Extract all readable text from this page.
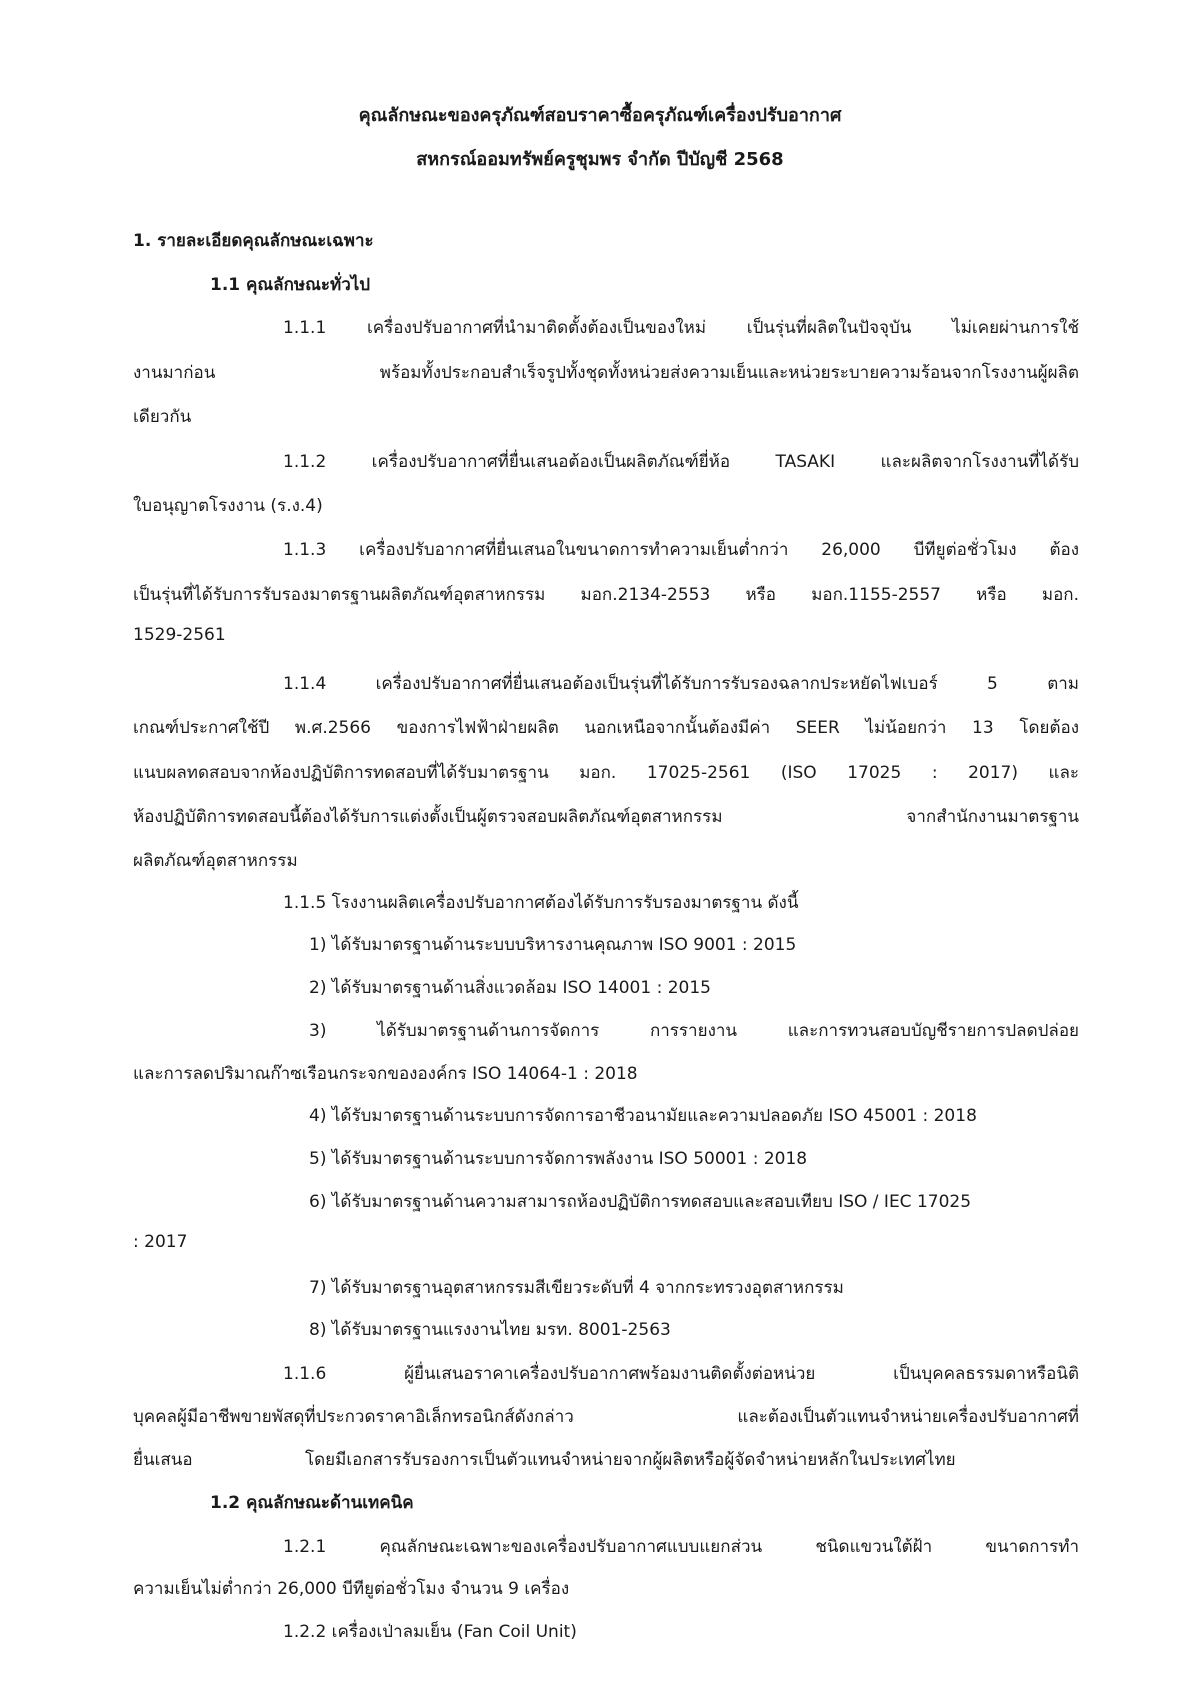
คุณลักษณะของครุภัณฑ์สอบราคาซื้อครุภัณฑ์เครื่องปรับอากาศ
สหกรณ์ออมทรัพย์ครูชุมพร จำกัด ปีบัญชี 2568
1. รายละเอียดคุณลักษณะเฉพาะ
1.1 คุณลักษณะทั่วไป
1.1.1 เครื่องปรับอากาศที่นำมาติดตั้งต้องเป็นของใหม่ เป็นรุ่นที่ผลิตในปัจจุบัน ไม่เคยผ่านการใช้
งานมาก่อน พร้อมทั้งประกอบสำเร็จรูปทั้งชุดทั้งหน่วยส่งความเย็นและหน่วยระบายความร้อนจากโรงงานผู้ผลิต
เดียวกัน
1.1.2 เครื่องปรับอากาศที่ยื่นเสนอต้องเป็นผลิตภัณฑ์ยี่ห้อ TASAKI และผลิตจากโรงงานที่ได้รับ
ใบอนุญาตโรงงาน (ร.ง.4)
1.1.3 เครื่องปรับอากาศที่ยื่นเสนอในขนาดการทำความเย็นต่ำกว่า 26,000 บีทียูต่อชั่วโมง ต้อง
เป็นรุ่นที่ได้รับการรับรองมาตรฐานผลิตภัณฑ์อุตสาหกรรม มอก.2134-2553 หรือ มอก.1155-2557 หรือ มอก.
1529-2561
1.1.4 เครื่องปรับอากาศที่ยื่นเสนอต้องเป็นรุ่นที่ได้รับการรับรองฉลากประหยัดไฟเบอร์ 5 ตาม
เกณฑ์ประกาศใช้ปี พ.ศ.2566 ของการไฟฟ้าฝ่ายผลิต นอกเหนือจากนั้นต้องมีค่า SEER ไม่น้อยกว่า 13 โดยต้อง
แนบผลทดสอบจากห้องปฏิบัติการทดสอบที่ได้รับมาตรฐาน มอก. 17025-2561 (ISO 17025 : 2017) และ
ห้องปฏิบัติการทดสอบนี้ต้องได้รับการแต่งตั้งเป็นผู้ตรวจสอบผลิตภัณฑ์อุตสาหกรรม จากสำนักงานมาตรฐาน
ผลิตภัณฑ์อุตสาหกรรม
1.1.5 โรงงานผลิตเครื่องปรับอากาศต้องได้รับการรับรองมาตรฐาน ดังนี้
1) ได้รับมาตรฐานด้านระบบบริหารงานคุณภาพ ISO 9001 : 2015
2) ได้รับมาตรฐานด้านสิ่งแวดล้อม ISO 14001 : 2015
3) ได้รับมาตรฐานด้านการจัดการ การรายงาน และการทวนสอบบัญชีรายการปลดปล่อย
และการลดปริมาณก๊าซเรือนกระจกขององค์กร ISO 14064-1 : 2018
4) ได้รับมาตรฐานด้านระบบการจัดการอาชีวอนามัยและความปลอดภัย ISO 45001 : 2018
5) ได้รับมาตรฐานด้านระบบการจัดการพลังงาน ISO 50001 : 2018
6) ได้รับมาตรฐานด้านความสามารถห้องปฏิบัติการทดสอบและสอบเทียบ ISO / IEC 17025
: 2017
7) ได้รับมาตรฐานอุตสาหกรรมสีเขียวระดับที่ 4 จากกระทรวงอุตสาหกรรม
8) ได้รับมาตรฐานแรงงานไทย มรท. 8001-2563
1.1.6 ผู้ยื่นเสนอราคาเครื่องปรับอากาศพร้อมงานติดตั้งต่อหน่วย เป็นบุคคลธรรมดาหรือนิติ
บุคคลผู้มีอาชีพขายพัสดุที่ประกวดราคาอิเล็กทรอนิกส์ดังกล่าว และต้องเป็นตัวแทนจำหน่ายเครื่องปรับอากาศที่
ยื่นเสนอ	โดยมีเอกสารรับรองการเป็นตัวแทนจำหน่ายจากผู้ผลิตหรือผู้จัดจำหน่ายหลักในประเทศไทย
1.2 คุณลักษณะด้านเทคนิค
1.2.1 คุณลักษณะเฉพาะของเครื่องปรับอากาศแบบแยกส่วน ชนิดแขวนใต้ฝ้า ขนาดการทำ
ความเย็นไม่ต่ำกว่า 26,000 บีทียูต่อชั่วโมง จำนวน 9 เครื่อง
1.2.2 เครื่องเป่าลมเย็น (Fan Coil Unit)
